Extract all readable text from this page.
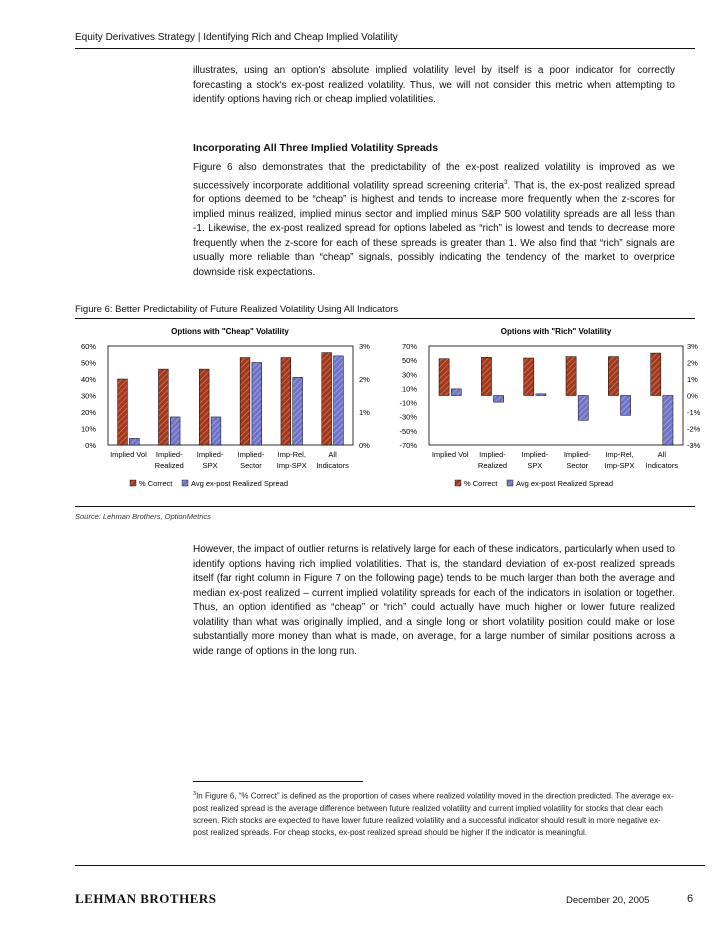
Equity Derivatives Strategy | Identifying Rich and Cheap Implied Volatility

illustrates, using an option's absolute implied volatility level by itself is a poor indicator for correctly forecasting a stock's ex-post realized volatility. Thus, we will not consider this metric when attempting to identify options having rich or cheap implied volatilities.

Incorporating All Three Implied Volatility Spreads

Figure 6 also demonstrates that the predictability of the ex-post realized volatility is improved as we successively incorporate additional volatility spread screening criteria$^3$. That is, the ex-post realized spread for options deemed to be “cheap” is highest and tends to increase more frequently when the z-scores for implied minus realized, implied minus sector and implied minus S&P 500 volatility spreads are all less than -1. Likewise, the ex-post realized spread for options labeled as “rich” is lowest and tends to decrease more frequently when the z-score for each of these spreads is greater than 1. We also find that “rich” signals are usually more reliable than “cheap” signals, possibly indicating the tendency of the market to overprice downside risk expectations.

Figure 6: Better Predictability of Future Realized Volatility Using All Indicators
Options with "Cheap" Volatility
60%
50%
40%
30%
20%
10%
0%
3%
2%
1%
0%
Implied Vol Implied-
Realized
Implied-
SPX
Implied-
Sector
Imp-Rel,
Imp-SPX
All
Indicators
% Correct Avg ex-post Realized Spread
Options with "Rich" Volatility
70%
50%
30%
10%
-10%
-30%
-50%
-70%
3%
2%
1%
0%
-1%
-2%
-3%
Implied Vol Implied-
Realized
Implied-
SPX
Implied-
Sector
Imp-Rel,
Imp-SPX
All
Indicators
% Correct Avg ex-post Realized Spread
Source: Lehman Brothers, OptionMetrics

However, the impact of outlier returns is relatively large for each of these indicators, particularly when used to identify options having rich implied volatilities. That is, the standard deviation of ex-post realized spreads itself (far right column in Figure 7 on the following page) tends to be much larger than both the average and median ex-post realized – current implied volatility spreads for each of the indicators in isolation or together. Thus, an option identified as “cheap” or “rich” could actually have much higher or lower future realized volatility than what was originally implied, and a single long or short volatility position could make or lose substantially more money than what is made, on average, for a large number of similar positions across a wide range of options in the long run.

$^3$In Figure 6, “% Correct” is defined as the proportion of cases where realized volatility moved in the direction predicted. The average ex-post realized spread is the average difference between future realized volatility and current implied volatility for stocks that clear each screen. Rich stocks are expected to have lower future realized volatility and a successful indicator should result in more negative ex-post realized spreads. For cheap stocks, ex-post realized spread should be higher if the indicator is meaningful.

LEHMAN BROTHERS	December 20, 2005	6
